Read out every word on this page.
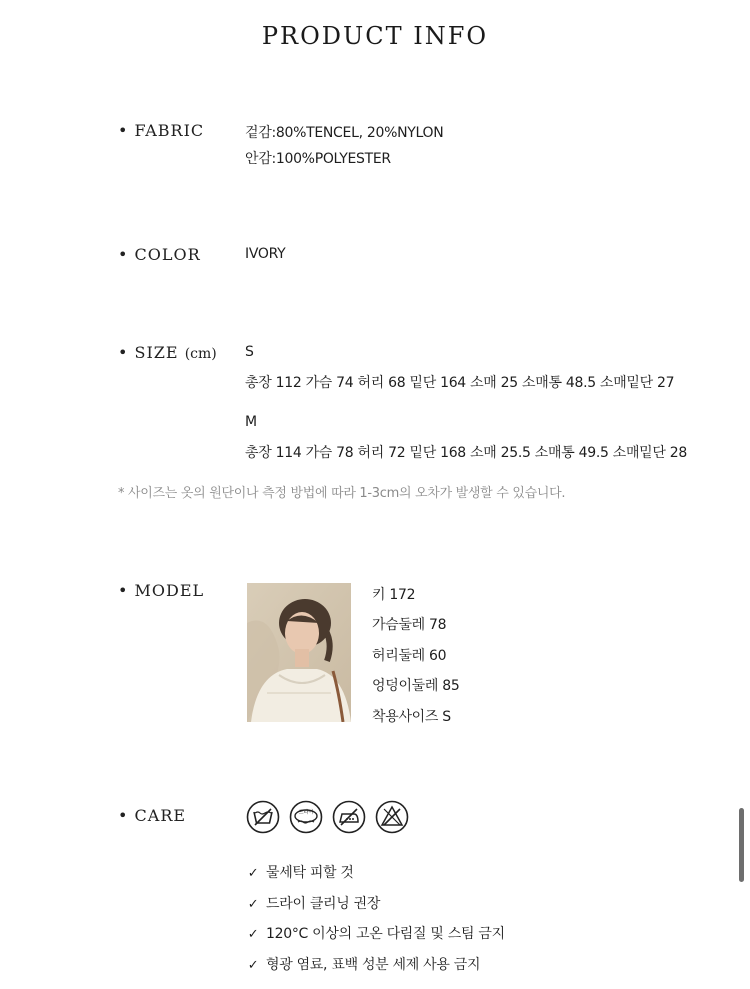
PRODUCT INFO
• FABRIC	겉감:80%TENCEL, 20%NYLON
안감:100%POLYESTER
• COLOR	IVORY
• SIZE (cm) S
총장 112 가슴 74 허리 68 밑단 164 소매 25 소매통 48.5 소매밑단 27
M
총장 114 가슴 78 허리 72 밑단 168 소매 25.5 소매통 49.5 소매밑단 28
* 사이즈는 옷의 원단이나 측정 방법에 따라 1-3cm의 오차가 발생할 수 있습니다.
• MODEL	키 172
가슴둘레 78
허리둘레 60
엉덩이둘레 85
착용사이즈 S
• CARE	드라이
✓ 물세탁 피할 것
✓ 드라이 클리닝 권장
✓ 120°C 이상의 고온 다림질 및 스팀 금지
✓ 형광 염료, 표백 성분 세제 사용 금지
